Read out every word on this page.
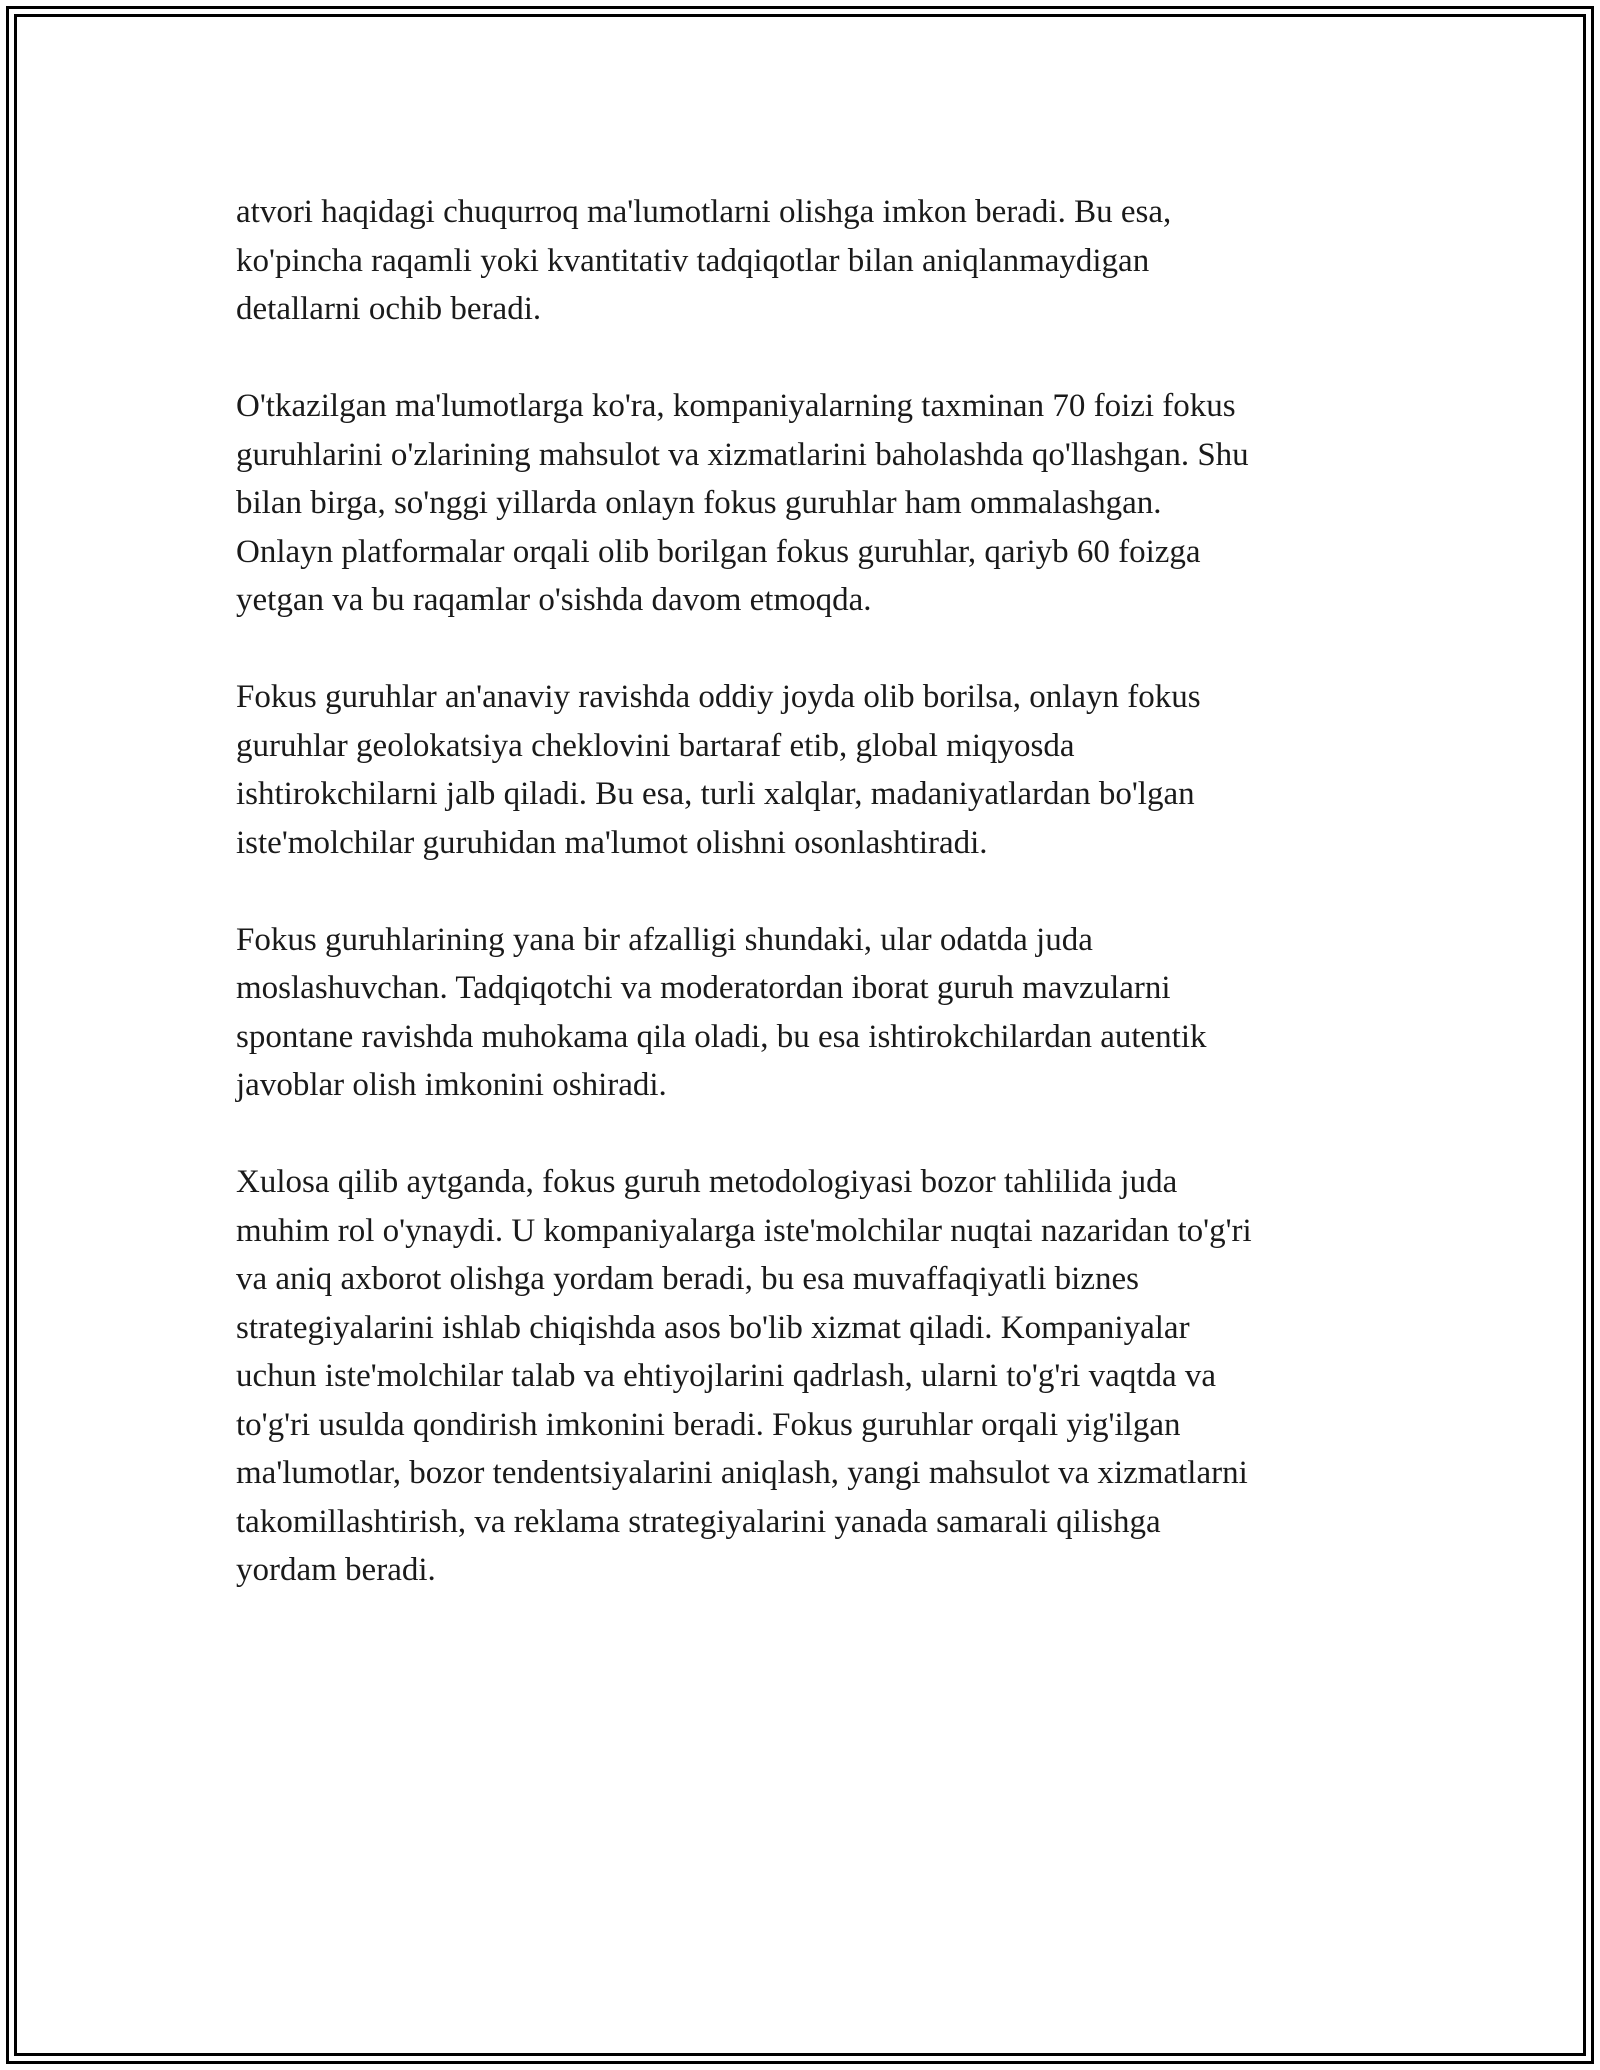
atvori haqidagi chuqurroq ma'lumotlarni olishga imkon beradi. Bu esa,
ko'pincha raqamli yoki kvantitativ tadqiqotlar bilan aniqlanmaydigan
detallarni ochib beradi.

O'tkazilgan ma'lumotlarga ko'ra, kompaniyalarning taxminan 70 foizi fokus
guruhlarini o'zlarining mahsulot va xizmatlarini baholashda qo'llashgan. Shu
bilan birga, so'nggi yillarda onlayn fokus guruhlar ham ommalashgan.
Onlayn platformalar orqali olib borilgan fokus guruhlar, qariyb 60 foizga
yetgan va bu raqamlar o'sishda davom etmoqda.

Fokus guruhlar an'anaviy ravishda oddiy joyda olib borilsa, onlayn fokus
guruhlar geolokatsiya cheklovini bartaraf etib, global miqyosda
ishtirokchilarni jalb qiladi. Bu esa, turli xalqlar, madaniyatlardan bo'lgan
iste'molchilar guruhidan ma'lumot olishni osonlashtiradi.

Fokus guruhlarining yana bir afzalligi shundaki, ular odatda juda
moslashuvchan. Tadqiqotchi va moderatordan iborat guruh mavzularni
spontane ravishda muhokama qila oladi, bu esa ishtirokchilardan autentik
javoblar olish imkonini oshiradi.

Xulosa qilib aytganda, fokus guruh metodologiyasi bozor tahlilida juda
muhim rol o'ynaydi. U kompaniyalarga iste'molchilar nuqtai nazaridan to'g'ri
va aniq axborot olishga yordam beradi, bu esa muvaffaqiyatli biznes
strategiyalarini ishlab chiqishda asos bo'lib xizmat qiladi. Kompaniyalar
uchun iste'molchilar talab va ehtiyojlarini qadrlash, ularni to'g'ri vaqtda va
to'g'ri usulda qondirish imkonini beradi. Fokus guruhlar orqali yig'ilgan
ma'lumotlar, bozor tendentsiyalarini aniqlash, yangi mahsulot va xizmatlarni
takomillashtirish, va reklama strategiyalarini yanada samarali qilishga
yordam beradi.
